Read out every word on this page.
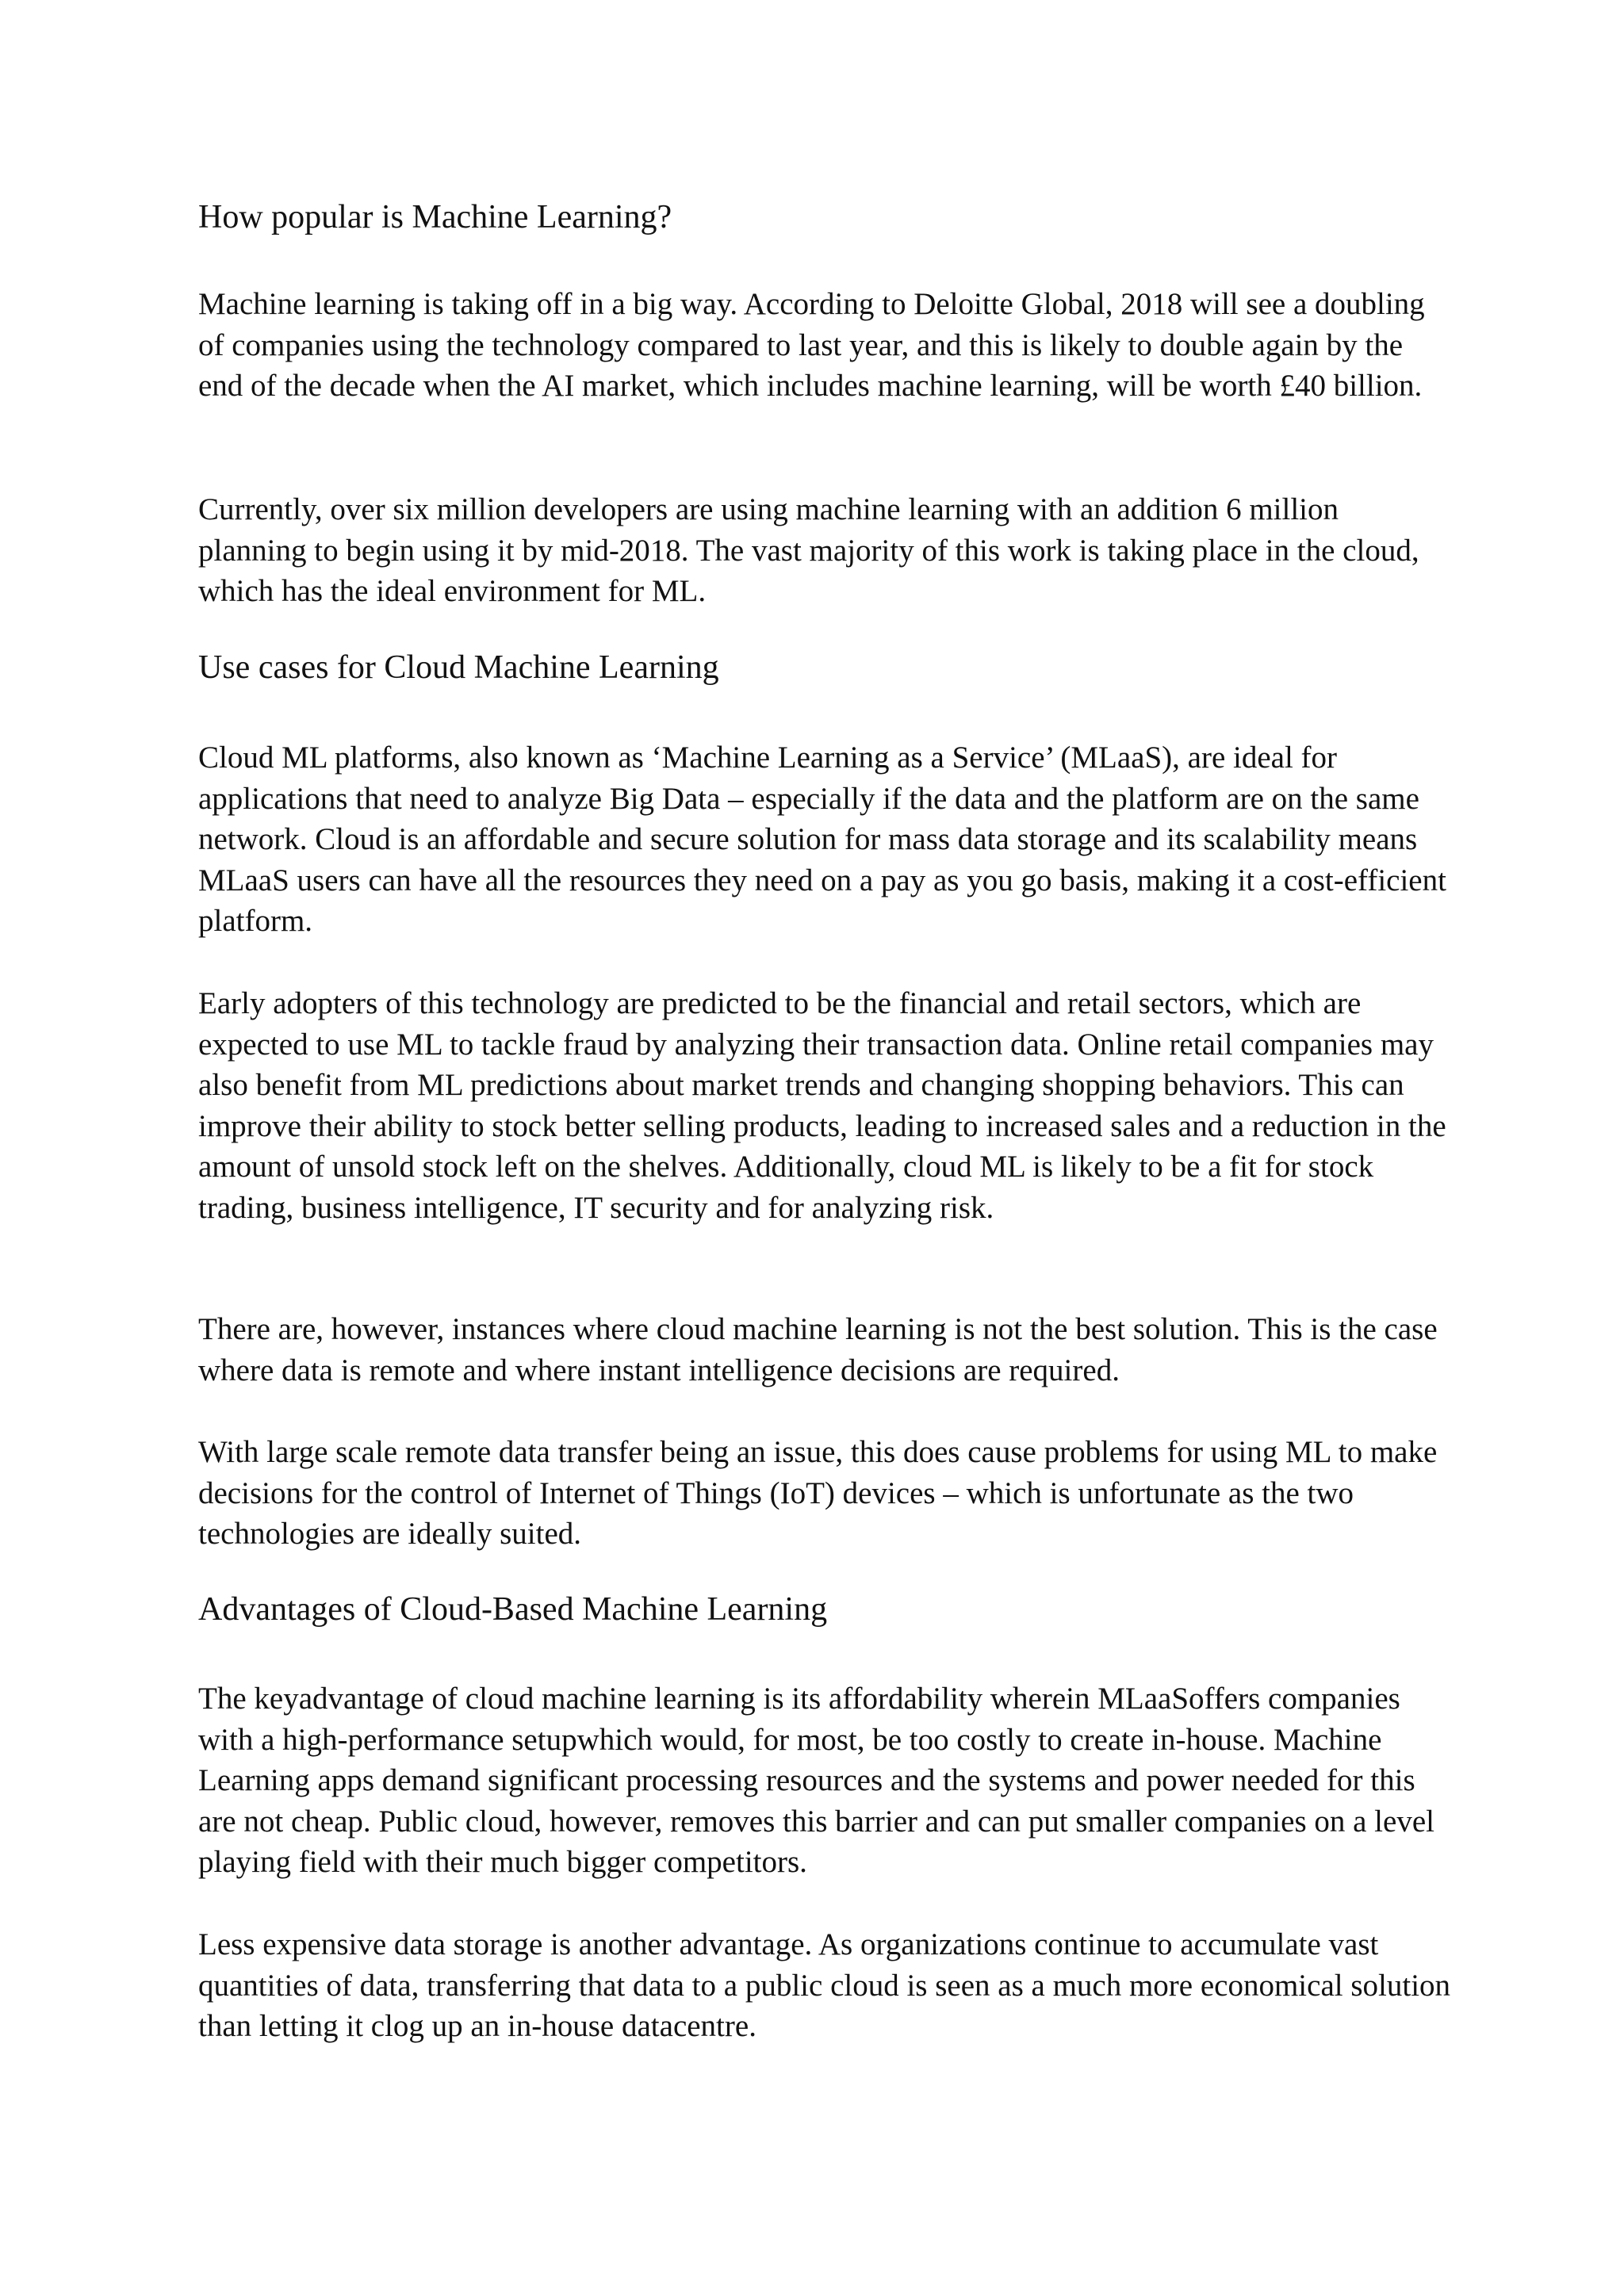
How popular is Machine Learning?

Machine learning is taking off in a big way. According to Deloitte Global, 2018 will see a doubling of companies using the technology compared to last year, and this is likely to double again by the end of the decade when the AI market, which includes machine learning, will be worth £40 billion.

Currently, over six million developers are using machine learning with an addition 6 million planning to begin using it by mid-2018. The vast majority of this work is taking place in the cloud, which has the ideal environment for ML.

Use cases for Cloud Machine Learning

Cloud ML platforms, also known as ‘Machine Learning as a Service’ (MLaaS), are ideal for applications that need to analyze Big Data – especially if the data and the platform are on the same network. Cloud is an affordable and secure solution for mass data storage and its scalability means MLaaS users can have all the resources they need on a pay as you go basis, making it a cost-efficient platform.

Early adopters of this technology are predicted to be the financial and retail sectors, which are expected to use ML to tackle fraud by analyzing their transaction data. Online retail companies may also benefit from ML predictions about market trends and changing shopping behaviors. This can improve their ability to stock better selling products, leading to increased sales and a reduction in the amount of unsold stock left on the shelves. Additionally, cloud ML is likely to be a fit for stock trading, business intelligence, IT security and for analyzing risk.

There are, however, instances where cloud machine learning is not the best solution. This is the case where data is remote and where instant intelligence decisions are required.

With large scale remote data transfer being an issue, this does cause problems for using ML to make decisions for the control of Internet of Things (IoT) devices – which is unfortunate as the two technologies are ideally suited.

Advantages of Cloud-Based Machine Learning

The keyadvantage of cloud machine learning is its affordability wherein MLaaSoffers companies with a high-performance setupwhich would, for most, be too costly to create in-house. Machine Learning apps demand significant processing resources and the systems and power needed for this are not cheap. Public cloud, however, removes this barrier and can put smaller companies on a level playing field with their much bigger competitors.

Less expensive data storage is another advantage. As organizations continue to accumulate vast quantities of data, transferring that data to a public cloud is seen as a much more economical solution than letting it clog up an in-house datacentre.
